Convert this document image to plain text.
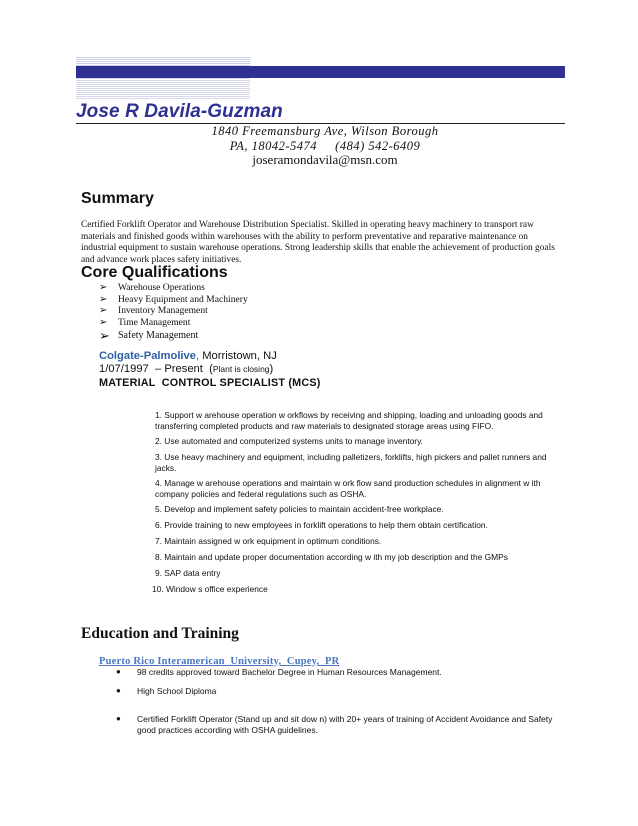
Jose R Davila-Guzman
1840 Freemansburg Ave, Wilson Borough
PA, 18042-5474     (484) 542-6409
joseramondavila@msn.com
Summary
Certified Forklift Operator and Warehouse Distribution Specialist. Skilled in operating heavy machinery to transport raw materials and finished goods within warehouses with the ability to perform preventative and reparative maintenance on industrial equipment to sustain warehouse operations. Strong leadership skills that enable the achievement of production goals and advance work places safety initiatives.
Core Qualifications
➢	Warehouse Operations
➢	Heavy Equipment and Machinery
➢	Inventory Management
➢	Time Management
➢ Safety Management
Colgate-Palmolive, Morristown, NJ
1/07/1997  – Present  (Plant is closing)
MATERIAL  CONTROL SPECIALIST (MCS)
1. Support w arehouse operation w orkflows by receiving and shipping, loading and unloading goods and transferring completed products and raw materials to designated storage areas using FIFO.
2. Use automated and computerized systems units to manage inventory.
3. Use heavy machinery and equipment, including palletizers, forklifts, high pickers and pallet runners and jacks.
4. Manage w arehouse operations and maintain w ork flow sand production schedules in alignment w ith company policies and federal regulations such as OSHA.
5. Develop and implement safety policies to maintain accident-free workplace.
6. Provide training to new employees in forklift operations to help them obtain certification.
7. Maintain assigned w ork equipment in optimum conditions.
8. Maintain and update proper documentation according w ith my job description and the GMPs
9. SAP data entry
10. Window s office experience
Education and Training
Puerto Rico Interamerican  University,  Cupey,  PR
● 98 credits approved toward Bachelor Degree in Human Resources Management.
● High School Diploma
● Certified Forklift Operator (Stand up and sit dow n) with 20+ years of training of Accident Avoidance and Safety good practices according with OSHA guidelines.
